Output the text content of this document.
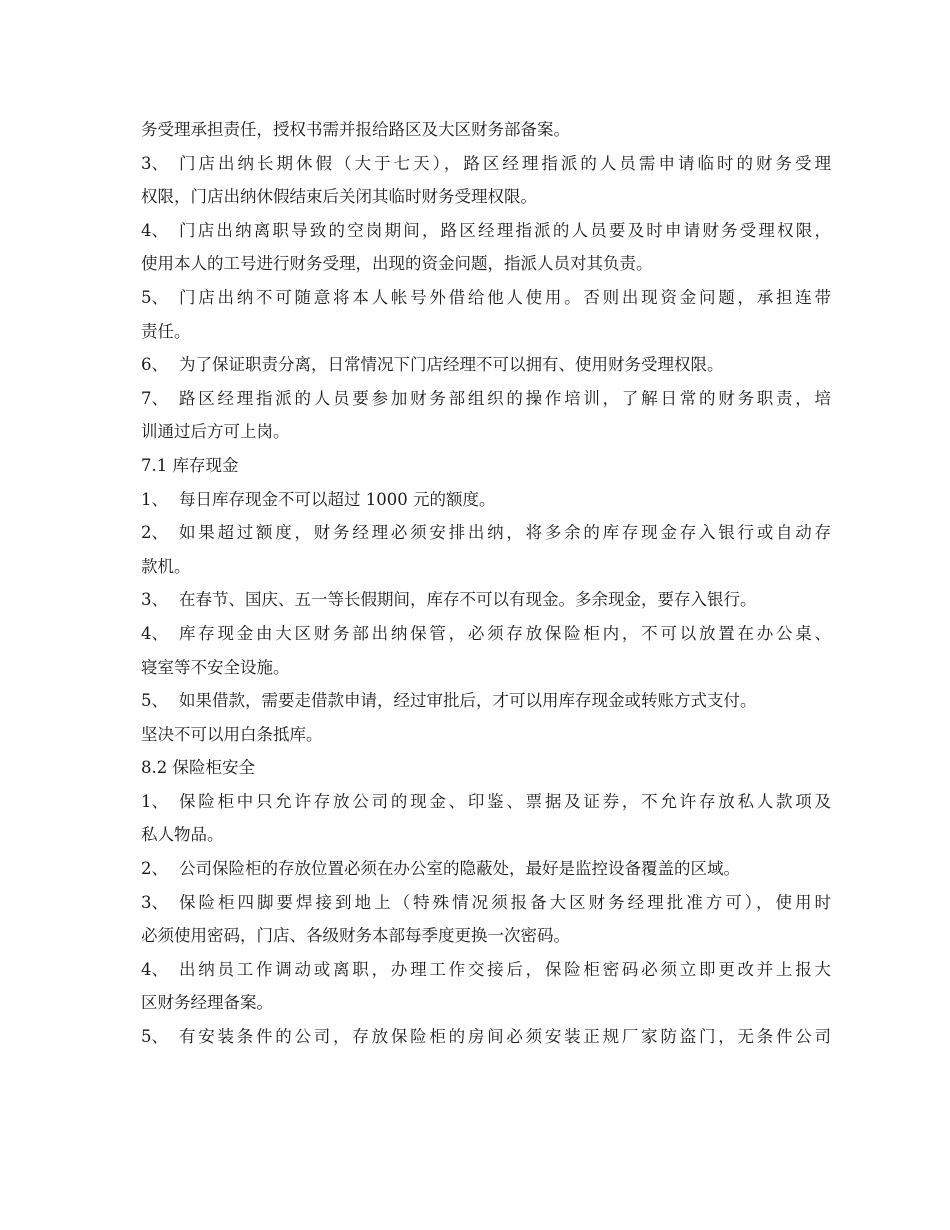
务受理承担责任，授权书需并报给路区及大区财务部备案。
3、 门店出纳长期休假（大于七天），路区经理指派的人员需申请临时的财务受理
权限，门店出纳休假结束后关闭其临时财务受理权限。
4、 门店出纳离职导致的空岗期间，路区经理指派的人员要及时申请财务受理权限，
使用本人的工号进行财务受理，出现的资金问题，指派人员对其负责。
5、 门店出纳不可随意将本人帐号外借给他人使用。否则出现资金问题，承担连带
责任。
6、 为了保证职责分离，日常情况下门店经理不可以拥有、使用财务受理权限。
7、 路区经理指派的人员要参加财务部组织的操作培训，了解日常的财务职责，培
训通过后方可上岗。
7.1 库存现金
1、 每日库存现金不可以超过 1000 元的额度。
2、 如果超过额度，财务经理必须安排出纳，将多余的库存现金存入银行或自动存
款机。
3、 在春节、国庆、五一等长假期间，库存不可以有现金。多余现金，要存入银行。
4、 库存现金由大区财务部出纳保管，必须存放保险柜内，不可以放置在办公桌、
寝室等不安全设施。
5、 如果借款，需要走借款申请，经过审批后，才可以用库存现金或转账方式支付。
坚决不可以用白条抵库。
8.2 保险柜安全
1、 保险柜中只允许存放公司的现金、印鉴、票据及证券，不允许存放私人款项及
私人物品。
2、 公司保险柜的存放位置必须在办公室的隐蔽处，最好是监控设备覆盖的区域。
3、 保险柜四脚要焊接到地上（特殊情况须报备大区财务经理批准方可），使用时
必须使用密码，门店、各级财务本部每季度更换一次密码。
4、 出纳员工作调动或离职，办理工作交接后，保险柜密码必须立即更改并上报大
区财务经理备案。
5、 有安装条件的公司，存放保险柜的房间必须安装正规厂家防盗门，无条件公司
